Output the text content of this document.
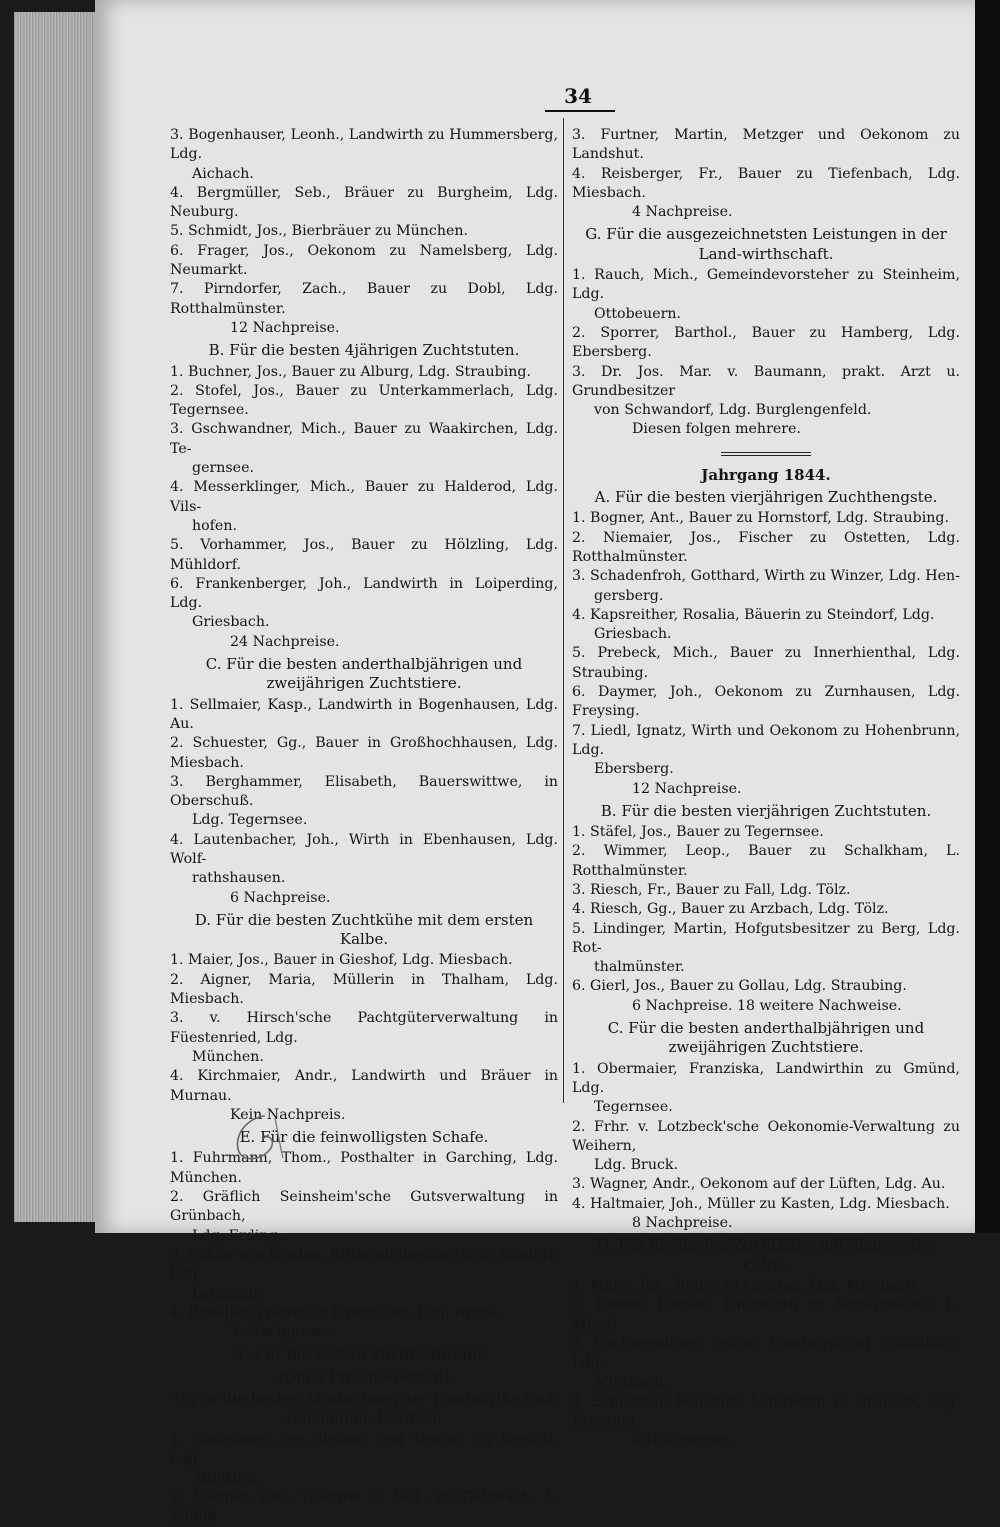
34
3. Bogenhauser, Leonh., Landwirth zu Hummersberg, Ldg.

Aichach.
4. Bergmüller, Seb., Bräuer zu Burgheim, Ldg. Neuburg.
5. Schmidt, Jos., Bierbräuer zu München.
6. Frager, Jos., Oekonom zu Namelsberg, Ldg. Neumarkt.
7. Pirndorfer, Zach., Bauer zu Dobl, Ldg. Rotthalmünster.
12 Nachpreise.
B. Für die besten 4jährigen Zuchtstuten.
1. Buchner, Jos., Bauer zu Alburg, Ldg. Straubing.
2. Stofel, Jos., Bauer zu Unterkammerlach, Ldg. Tegernsee.
3. Gschwandner, Mich., Bauer zu Waakirchen, Ldg. Te-

gernsee.
4. Messerklinger, Mich., Bauer zu Halderod, Ldg. Vils-

hofen.
5. Vorhammer, Jos., Bauer zu Hölzling, Ldg. Mühldorf.
6. Frankenberger, Joh., Landwirth in Loiperding, Ldg.

Griesbach.
24 Nachpreise.
C. Für die besten anderthalbjährigen und zweijährigen Zuchtstiere.
1. Sellmaier, Kasp., Landwirth in Bogenhausen, Ldg. Au.
2. Schuester, Gg., Bauer in Großhochhausen, Ldg. Miesbach.
3. Berghammer, Elisabeth, Bauerswittwe, in Oberschuß.

Ldg. Tegernsee.
4. Lautenbacher, Joh., Wirth in Ebenhausen, Ldg. Wolf-

rathshausen.
6 Nachpreise.
D. Für die besten Zuchtkühe mit dem ersten Kalbe.
1. Maier, Jos., Bauer in Gieshof, Ldg. Miesbach.
2. Aigner, Maria, Müllerin in Thalham, Ldg. Miesbach.
3. v. Hirsch'sche Pachtgüterverwaltung in Füestenried, Ldg.

München.
4. Kirchmaier, Andr., Landwirth und Bräuer in Murnau.
Kein Nachpreis.
E. Für die feinwolligsten Schafe.
1. Fuhrmann, Thom., Posthalter in Garching, Ldg. München.
2. Gräflich Seinsheim'sche Gutsverwaltung in Grünbach,

Ldg. Erding.
3. Gräfin von Leyden, Rittergutsbesitzerin in Achdorf, Ldg.

Landshut.
4. Roballer, Pfarrer in Egenhofen, Ldg. Bruck.
2. Nachpreise.
F. Für die besten Zuchtschweine.
(Ohne Preisbewerber.)
G Für die besten Mastochsen der Landwirthe und Oekonomie-Besitzer.
1. Sedlmaier, Jgn, Bräuer und Oekon. zu Reischl, Ldg.

Altötting.
2. Stöcher, Jos., Tafernw. u. Oek. zu Galnbach, L. Mühld.
3. Furtner, Martin, Metzger und Oekonom zu Landshut.
4. Reisberger, Fr., Bauer zu Tiefenbach, Ldg. Miesbach.
4 Nachpreise.
G. Für die ausgezeichnetsten Leistungen in der Land-wirthschaft.
1. Rauch, Mich., Gemeindevorsteher zu Steinheim, Ldg.

Ottobeuern.
2. Sporrer, Barthol., Bauer zu Hamberg, Ldg. Ebersberg.
3. Dr. Jos. Mar. v. Baumann, prakt. Arzt u. Grundbesitzer

von Schwandorf, Ldg. Burglengenfeld.
Diesen folgen mehrere.
Jahrgang 1844.
A. Für die besten vierjährigen Zuchthengste.
1. Bogner, Ant., Bauer zu Hornstorf, Ldg. Straubing.
2. Niemaier, Jos., Fischer zu Ostetten, Ldg. Rotthalmünster.
3. Schadenfroh, Gotthard, Wirth zu Winzer, Ldg. Hen-

gersberg.
4. Kapsreither, Rosalia, Bäuerin zu Steindorf, Ldg.

Griesbach.
5. Prebeck, Mich., Bauer zu Innerhienthal, Ldg. Straubing.
6. Daymer, Joh., Oekonom zu Zurnhausen, Ldg. Freysing.
7. Liedl, Ignatz, Wirth und Oekonom zu Hohenbrunn, Ldg.

Ebersberg.
12 Nachpreise.
B. Für die besten vierjährigen Zuchtstuten.
1. Stäfel, Jos., Bauer zu Tegernsee.
2. Wimmer, Leop., Bauer zu Schalkham, L. Rotthalmünster.
3. Riesch, Fr., Bauer zu Fall, Ldg. Tölz.
4. Riesch, Gg., Bauer zu Arzbach, Ldg. Tölz.
5. Lindinger, Martin, Hofgutsbesitzer zu Berg, Ldg. Rot-

thalmünster.
6. Gierl, Jos., Bauer zu Gollau, Ldg. Straubing.
6 Nachpreise. 18 weitere Nachweise.
C. Für die besten anderthalbjährigen und zweijährigen Zuchtstiere.
1. Obermaier, Franziska, Landwirthin zu Gmünd, Ldg.

Tegernsee.
2. Frhr. v. Lotzbeck'sche Oekonomie-Verwaltung zu Weihern,

Ldg. Bruck.
3. Wagner, Andr., Oekonom auf der Lüften, Ldg. Au.
4. Haltmaier, Joh., Müller zu Kasten, Ldg. Miesbach.
8 Nachpreise.
D. Für die besten Zuchtkühe mit dem ersten Kalbe.
1. Maier, Jos., Bauer zu Gießhof, Ldg. Miesbach.
2. Rieder, Florian, Landwirth zu Schwibbicher, L. Miesb.
3. Gschwendtner, Quirin, Landwirth zu Schaftlach, Ldg.

Miesbach.
4. Schnitzler, Benedikt, Landwirth zu Grüneck, Ldg. Freysing.
8 Nachpreise.
